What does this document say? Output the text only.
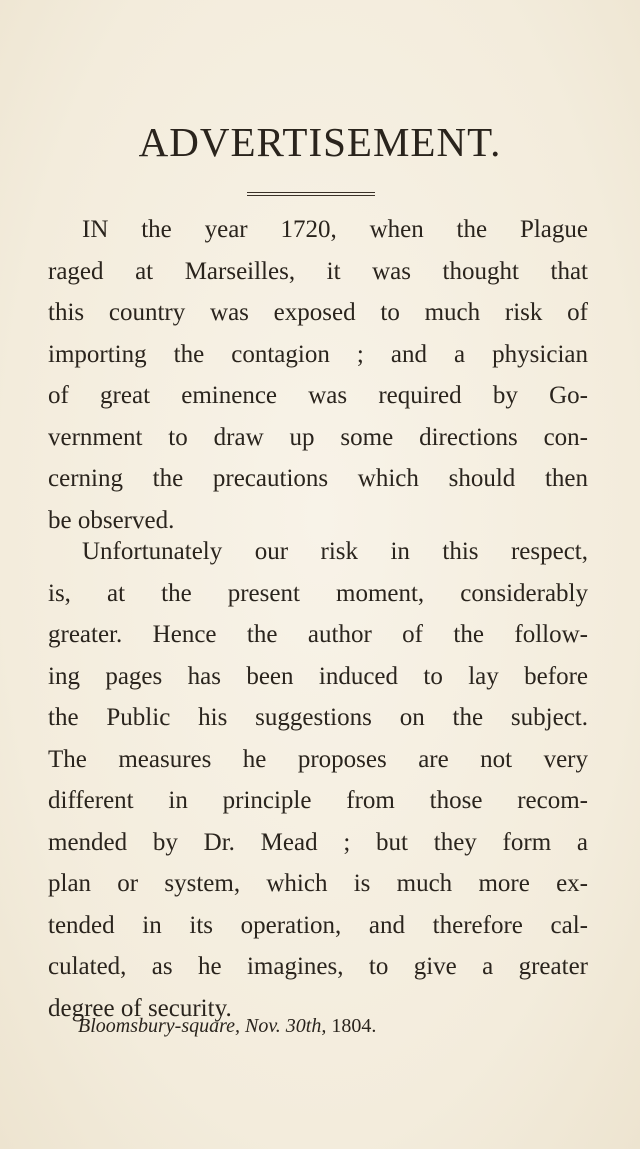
ADVERTISEMENT.

IN the year 1720, when the Plague
raged at Marseilles, it was thought that
this country was exposed to much risk of
importing the contagion ; and a physician
of great eminence was required by Go-
vernment to draw up some directions con-
cerning the precautions which should then
be observed.

Unfortunately our risk in this respect,
is, at the present moment, considerably
greater. Hence the author of the follow-
ing pages has been induced to lay before
the Public his suggestions on the subject.
The measures he proposes are not very
different in principle from those recom-
mended by Dr. Mead ; but they form a
plan or system, which is much more ex-
tended in its operation, and therefore cal-
culated, as he imagines, to give a greater
degree of security.

Bloomsbury-square, Nov. 30th, 1804.
